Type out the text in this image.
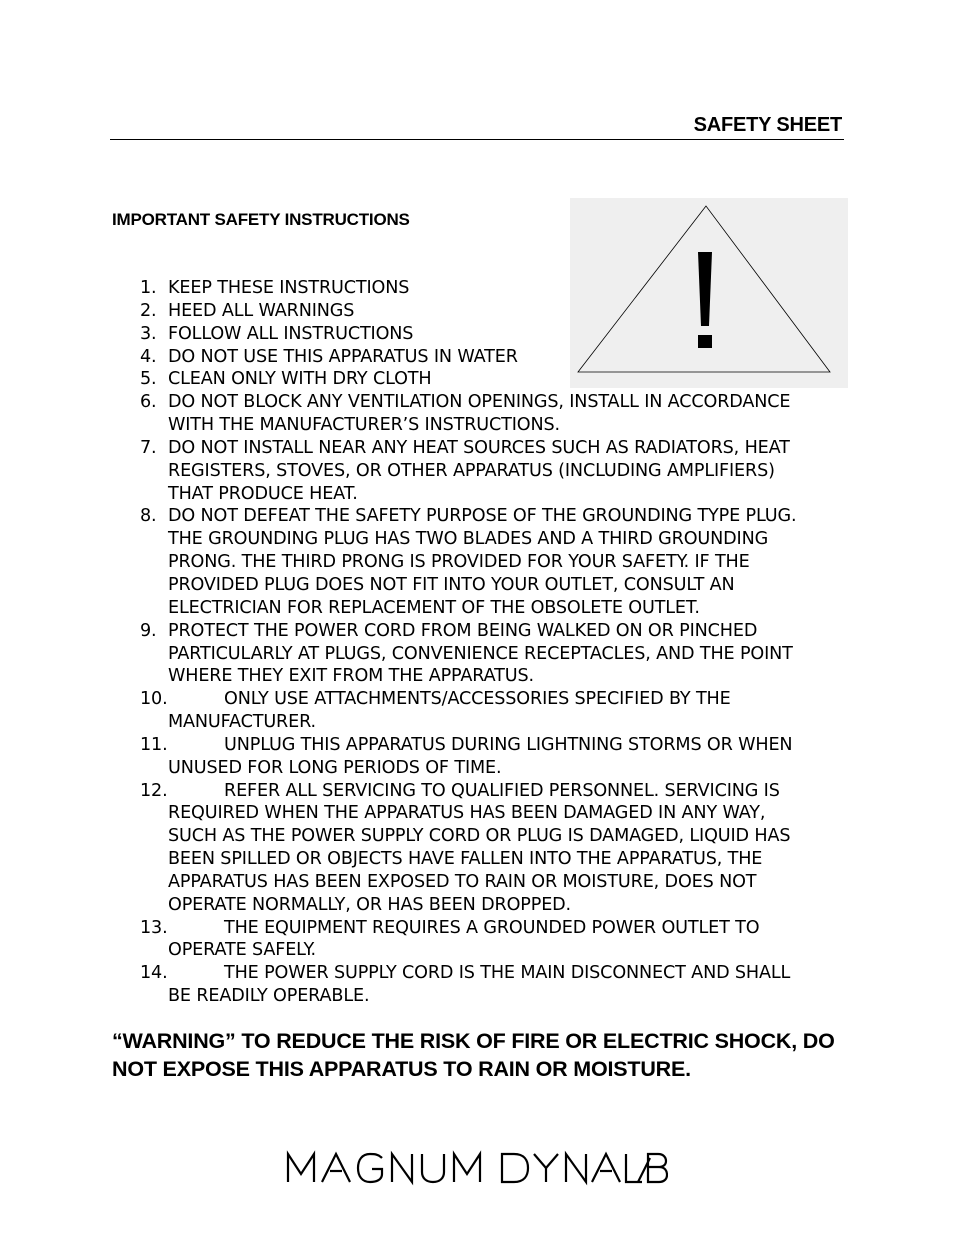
SAFETY SHEET
IMPORTANT SAFETY INSTRUCTIONS
1. KEEP THESE INSTRUCTIONS
2. HEED ALL WARNINGS
3. FOLLOW ALL INSTRUCTIONS
4. DO NOT USE THIS APPARATUS IN WATER
5. CLEAN ONLY WITH DRY CLOTH
6. DO NOT BLOCK ANY VENTILATION OPENINGS, INSTALL IN ACCORDANCE
WITH THE MANUFACTURER’S INSTRUCTIONS.
7. DO NOT INSTALL NEAR ANY HEAT SOURCES SUCH AS RADIATORS, HEAT
REGISTERS, STOVES, OR OTHER APPARATUS (INCLUDING AMPLIFIERS)
THAT PRODUCE HEAT.
8. DO NOT DEFEAT THE SAFETY PURPOSE OF THE GROUNDING TYPE PLUG.
THE GROUNDING PLUG HAS TWO BLADES AND A THIRD GROUNDING
PRONG. THE THIRD PRONG IS PROVIDED FOR YOUR SAFETY. IF THE
PROVIDED PLUG DOES NOT FIT INTO YOUR OUTLET, CONSULT AN
ELECTRICIAN FOR REPLACEMENT OF THE OBSOLETE OUTLET.
9. PROTECT THE POWER CORD FROM BEING WALKED ON OR PINCHED
PARTICULARLY AT PLUGS, CONVENIENCE RECEPTACLES, AND THE POINT
WHERE THEY EXIT FROM THE APPARATUS.
10.	ONLY USE ATTACHMENTS/ACCESSORIES SPECIFIED BY THE
MANUFACTURER.
11.	UNPLUG THIS APPARATUS DURING LIGHTNING STORMS OR WHEN
UNUSED FOR LONG PERIODS OF TIME.
12.	REFER ALL SERVICING TO QUALIFIED PERSONNEL. SERVICING IS
REQUIRED WHEN THE APPARATUS HAS BEEN DAMAGED IN ANY WAY,
SUCH AS THE POWER SUPPLY CORD OR PLUG IS DAMAGED, LIQUID HAS
BEEN SPILLED OR OBJECTS HAVE FALLEN INTO THE APPARATUS, THE
APPARATUS HAS BEEN EXPOSED TO RAIN OR MOISTURE, DOES NOT
OPERATE NORMALLY, OR HAS BEEN DROPPED.
13.	THE EQUIPMENT REQUIRES A GROUNDED POWER OUTLET TO
OPERATE SAFELY.
14.	THE POWER SUPPLY CORD IS THE MAIN DISCONNECT AND SHALL
BE READILY OPERABLE.
“WARNING” TO REDUCE THE RISK OF FIRE OR ELECTRIC SHOCK, DO NOT EXPOSE THIS APPARATUS TO RAIN OR MOISTURE.
